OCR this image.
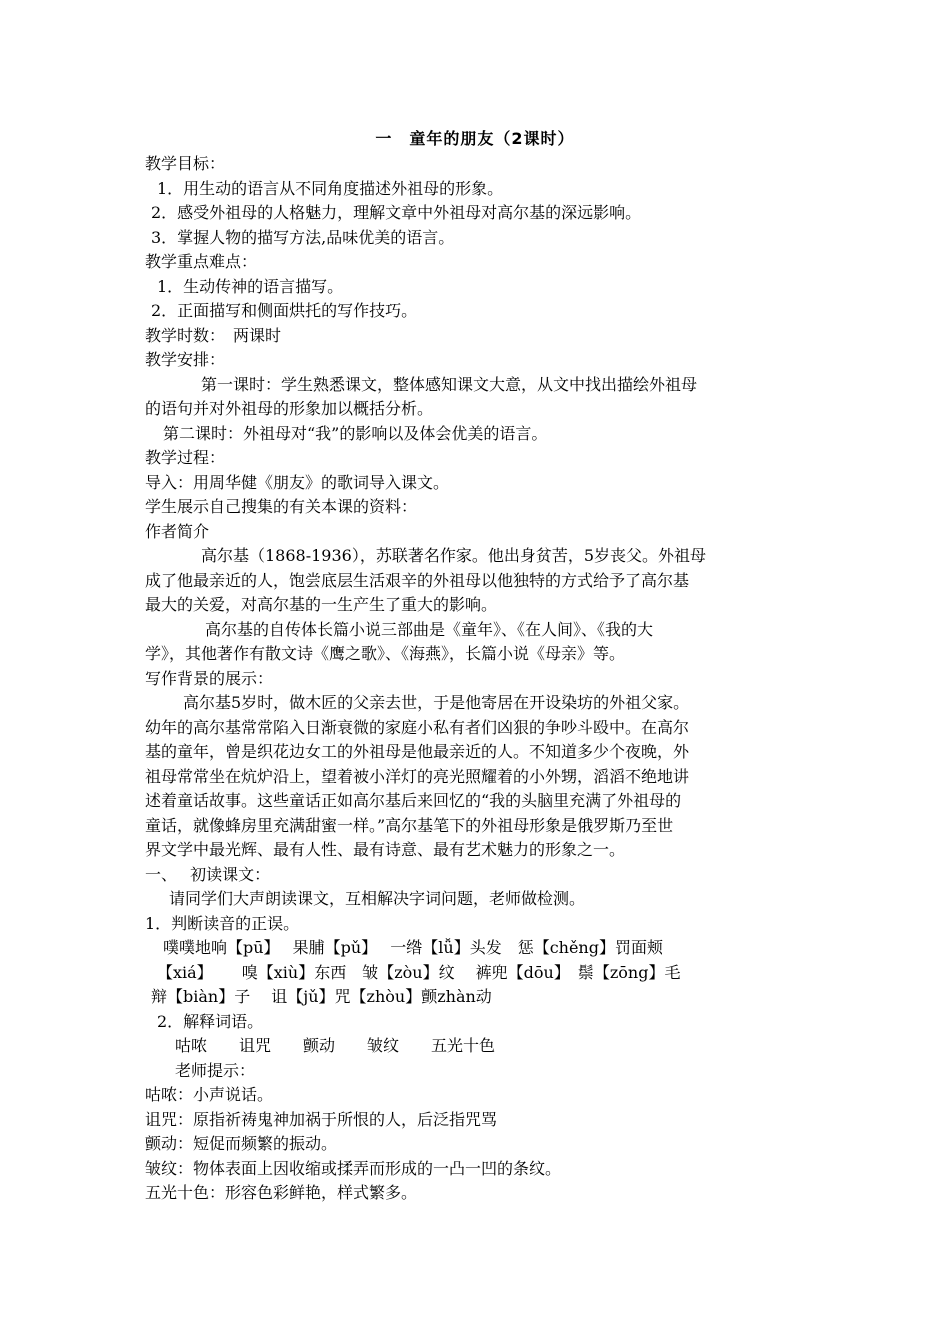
一　童年的朋友（2课时）
教学目标：
1．用生动的语言从不同角度描述外祖母的形象。
2．感受外祖母的人格魅力，理解文章中外祖母对高尔基的深远影响。
3．掌握人物的描写方法,品味优美的语言。
教学重点难点：
1．生动传神的语言描写。
2．正面描写和侧面烘托的写作技巧。
教学时数：　两课时
教学安排：
第一课时：学生熟悉课文，整体感知课文大意，从文中找出描绘外祖母
的语句并对外祖母的形象加以概括分析。
第二课时：外祖母对“我”的影响以及体会优美的语言。
教学过程：
导入：用周华健《朋友》的歌词导入课文。
学生展示自己搜集的有关本课的资料：
作者简介
高尔基（1868-1936），苏联著名作家。他出身贫苦，5岁丧父。外祖母
成了他最亲近的人，饱尝底层生活艰辛的外祖母以他独特的方式给予了高尔基
最大的关爱，对高尔基的一生产生了重大的影响。
高尔基的自传体长篇小说三部曲是《童年》、《在人间》、《我的大
学》，其他著作有散文诗《鹰之歌》、《海燕》，长篇小说《母亲》等。
写作背景的展示：
高尔基5岁时，做木匠的父亲去世，于是他寄居在开设染坊的外祖父家。
幼年的高尔基常常陷入日渐衰微的家庭小私有者们凶狠的争吵斗殴中。在高尔
基的童年，曾是织花边女工的外祖母是他最亲近的人。不知道多少个夜晚，外
祖母常常坐在炕炉沿上，望着被小洋灯的亮光照耀着的小外甥，滔滔不绝地讲
述着童话故事。这些童话正如高尔基后来回忆的“我的头脑里充满了外祖母的
童话，就像蜂房里充满甜蜜一样。”高尔基笔下的外祖母形象是俄罗斯乃至世
界文学中最光辉、最有人性、最有诗意、最有艺术魅力的形象之一。
一、　 初读课文：
请同学们大声朗读课文，互相解决字词问题，老师做检测。
1．判断读音的正误。
噗噗地响【pū】　 果脯【pǔ】　 一绺【lǚ】头发　惩【chěng】罚面颊
【xiá】　　 嗅【xiù】东西　皱【zòu】纹　 裤兜【dōu】　鬃【zōng】毛
辩【biàn】子　 诅【jǔ】咒【zhòu】颤zhàn动
2．解释词语。
咕哝　　诅咒　　颤动　　皱纹　　五光十色
老师提示：
咕哝：小声说话。
诅咒：原指祈祷鬼神加祸于所恨的人，后泛指咒骂
颤动：短促而频繁的振动。
皱纹：物体表面上因收缩或揉弄而形成的一凸一凹的条纹。
五光十色：形容色彩鲜艳，样式繁多。
